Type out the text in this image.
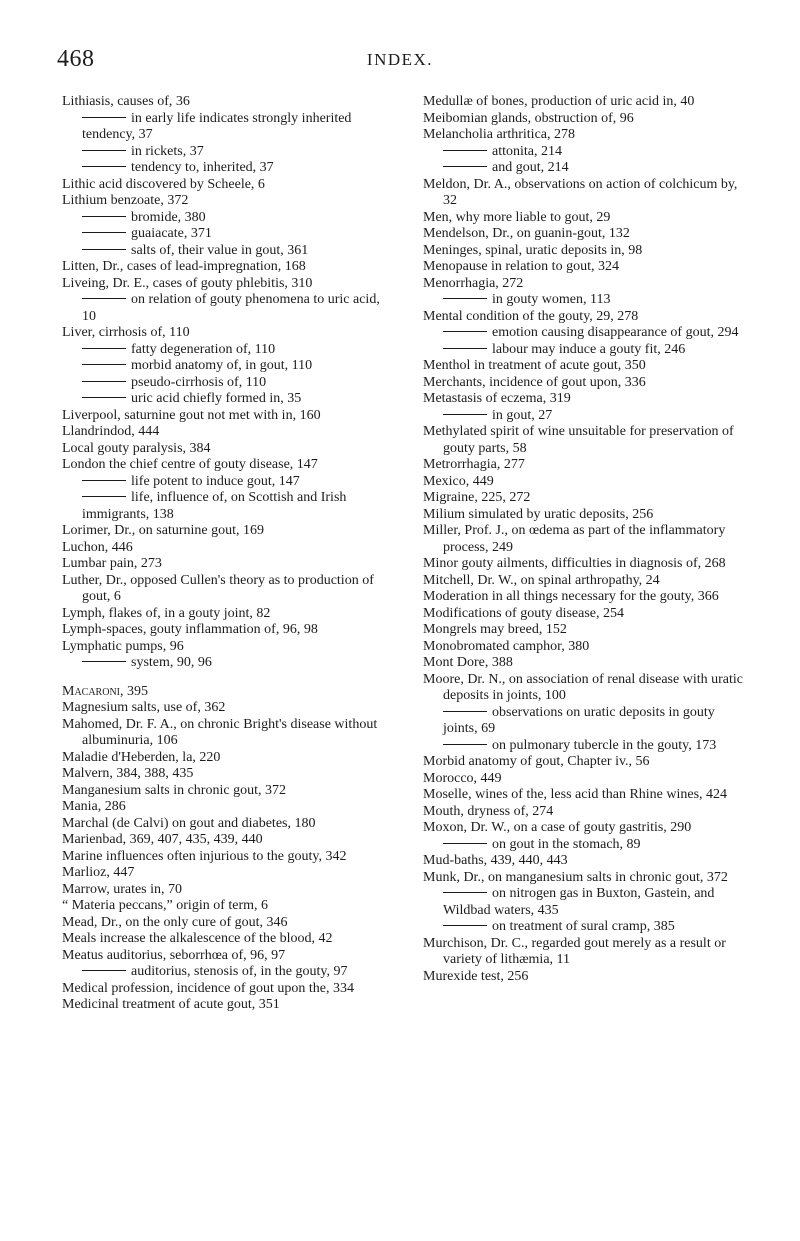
468	INDEX.
Lithiasis, causes of, 36
in early life indicates strongly inherited tendency, 37
in rickets, 37
tendency to, inherited, 37
Lithic acid discovered by Scheele, 6
Lithium benzoate, 372
bromide, 380
guaiacate, 371
salts of, their value in gout, 361
Litten, Dr., cases of lead-impregnation, 168
Liveing, Dr. E., cases of gouty phlebitis, 310
on relation of gouty phenomena to uric acid, 10
Liver, cirrhosis of, 110
fatty degeneration of, 110
morbid anatomy of, in gout, 110
pseudo-cirrhosis of, 110
uric acid chiefly formed in, 35
Liverpool, saturnine gout not met with in, 160
Llandrindod, 444
Local gouty paralysis, 384
London the chief centre of gouty disease, 147
life potent to induce gout, 147
life, influence of, on Scottish and Irish immigrants, 138
Lorimer, Dr., on saturnine gout, 169
Luchon, 446
Lumbar pain, 273
Luther, Dr., opposed Cullen's theory as to production of gout, 6
Lymph, flakes of, in a gouty joint, 82
Lymph-spaces, gouty inflammation of, 96, 98
Lymphatic pumps, 96
system, 90, 96
Macaroni, 395
Magnesium salts, use of, 362
Mahomed, Dr. F. A., on chronic Bright's disease without albuminuria, 106
Maladie d'Heberden, la, 220
Malvern, 384, 388, 435
Manganesium salts in chronic gout, 372
Mania, 286
Marchal (de Calvi) on gout and diabetes, 180
Marienbad, 369, 407, 435, 439, 440
Marine influences often injurious to the gouty, 342
Marlioz, 447
Marrow, urates in, 70
“ Materia peccans,” origin of term, 6
Mead, Dr., on the only cure of gout, 346
Meals increase the alkalescence of the blood, 42
Meatus auditorius, seborrhœa of, 96, 97
auditorius, stenosis of, in the gouty, 97
Medical profession, incidence of gout upon the, 334
Medicinal treatment of acute gout, 351
Medullæ of bones, production of uric acid in, 40
Meibomian glands, obstruction of, 96
Melancholia arthritica, 278
attonita, 214
and gout, 214
Meldon, Dr. A., observations on action of colchicum by, 32
Men, why more liable to gout, 29
Mendelson, Dr., on guanin-gout, 132
Meninges, spinal, uratic deposits in, 98
Menopause in relation to gout, 324
Menorrhagia, 272
in gouty women, 113
Mental condition of the gouty, 29, 278
emotion causing disappearance of gout, 294
labour may induce a gouty fit, 246
Menthol in treatment of acute gout, 350
Merchants, incidence of gout upon, 336
Metastasis of eczema, 319
in gout, 27
Methylated spirit of wine unsuitable for preservation of gouty parts, 58
Metrorrhagia, 277
Mexico, 449
Migraine, 225, 272
Milium simulated by uratic deposits, 256
Miller, Prof. J., on œdema as part of the inflammatory process, 249
Minor gouty ailments, difficulties in diagnosis of, 268
Mitchell, Dr. W., on spinal arthropathy, 24
Moderation in all things necessary for the gouty, 366
Modifications of gouty disease, 254
Mongrels may breed, 152
Monobromated camphor, 380
Mont Dore, 388
Moore, Dr. N., on association of renal disease with uratic deposits in joints, 100
observations on uratic deposits in gouty joints, 69
on pulmonary tubercle in the gouty, 173
Morbid anatomy of gout, Chapter iv., 56
Morocco, 449
Moselle, wines of the, less acid than Rhine wines, 424
Mouth, dryness of, 274
Moxon, Dr. W., on a case of gouty gastritis, 290
on gout in the stomach, 89
Mud-baths, 439, 440, 443
Munk, Dr., on manganesium salts in chronic gout, 372
on nitrogen gas in Buxton, Gastein, and Wildbad waters, 435
on treatment of sural cramp, 385
Murchison, Dr. C., regarded gout merely as a result or variety of lithæmia, 11
Murexide test, 256
